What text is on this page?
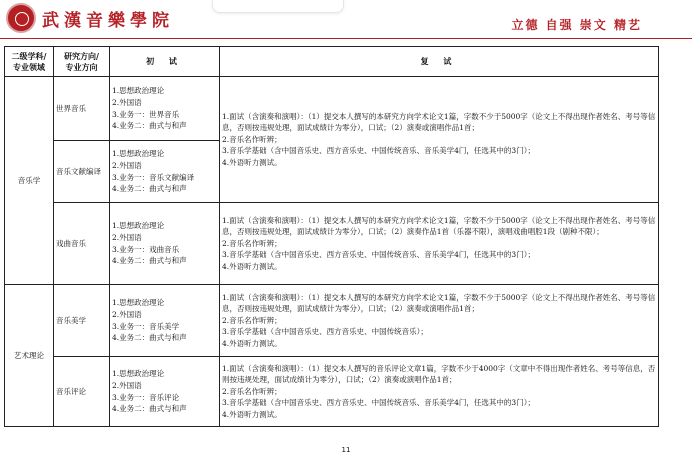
武漢音樂學院	立德 自强 崇文 精艺
二级学科/
专业领域	研究方向/
专业方向	初 试	复 试
音乐学	世界音乐	1.思想政治理论
2.外国语
3.业务一：世界音乐
4.业务二：曲式与和声	1.面试（含演奏和演唱）：（1）提交本人撰写的本研究方向学术论文1篇，字数不少于5000字（论文上不得出现作者姓名、考号等信息，否则按违规处理，面试成绩计为零分），口试；（2）演奏或演唱作品1首；
2.音乐名作听辨；
3.音乐学基础（含中国音乐史、西方音乐史、中国传统音乐、音乐美学4门，任选其中的3门）；
4.外语听力测试。

	音乐文献编译	1.思想政治理论
2.外国语
3.业务一：音乐文献编译
4.业务二：曲式与和声	

	戏曲音乐	1.思想政治理论
2.外国语
3.业务一：戏曲音乐
4.业务二：曲式与和声	1.面试（含演奏和演唱）：（1）提交本人撰写的本研究方向学术论文1篇，字数不少于5000字（论文上不得出现作者姓名、考号等信息，否则按违规处理，面试成绩计为零分），口试；（2）演奏作品1首（乐器不限），演唱戏曲唱腔1段（剧种不限）；
2.音乐名作听辨；
3.音乐学基础（含中国音乐史、西方音乐史、中国传统音乐、音乐美学4门，任选其中的3门）；
4.外语听力测试。

艺术理论	音乐美学	1.思想政治理论
2.外国语
3.业务一：音乐美学
4.业务二：曲式与和声	1.面试（含演奏和演唱）：（1）提交本人撰写的本研究方向学术论文1篇，字数不少于5000字（论文上不得出现作者姓名、考号等信息，否则按违规处理，面试成绩计为零分），口试；（2）演奏或演唱作品1首；
2.音乐名作听辨；
3.音乐学基础（含中国音乐史、西方音乐史、中国传统音乐）；
4.外语听力测试。

	音乐评论	1.思想政治理论
2.外国语
3.业务一：音乐评论
4.业务二：曲式与和声	1.面试（含演奏和演唱）：（1）提交本人撰写的音乐评论文章1篇，字数不少于4000字（文章中不得出现作者姓名、考号等信息，否则按违规处理，面试成绩计为零分），口试；（2）演奏或演唱作品1首；
2.音乐名作听辨；
3.音乐学基础（含中国音乐史、西方音乐史、中国传统音乐、音乐美学4门，任选其中的3门）；
4.外语听力测试。
11
